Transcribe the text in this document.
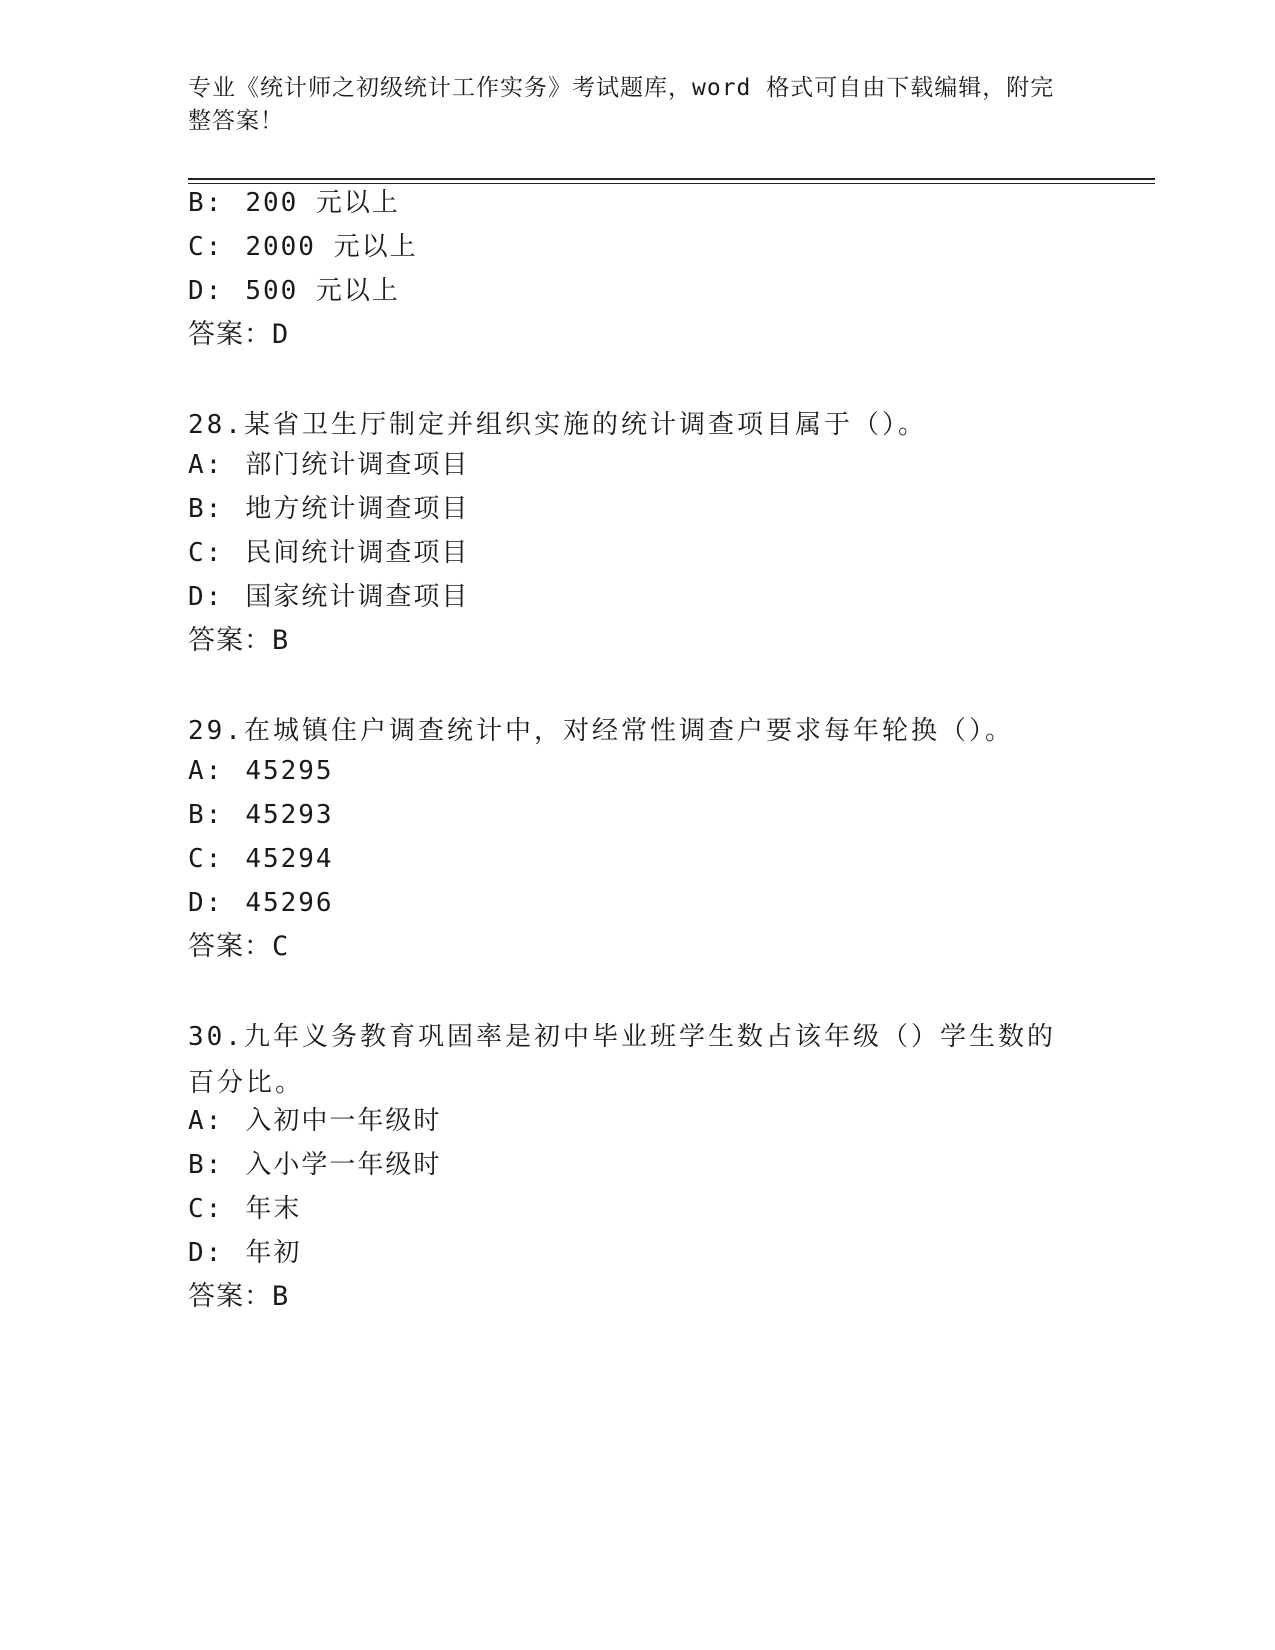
专业《统计师之初级统计工作实务》考试题库，word 格式可自由下载编辑，附完整答案！
B: 200 元以上
C: 2000 元以上
D: 500 元以上
答案：D
28.某省卫生厅制定并组织实施的统计调查项目属于（）。
A: 部门统计调查项目
B: 地方统计调查项目
C: 民间统计调查项目
D: 国家统计调查项目
答案：B
29.在城镇住户调查统计中，对经常性调查户要求每年轮换（）。
A: 45295
B: 45293
C: 45294
D: 45296
答案：C
30.九年义务教育巩固率是初中毕业班学生数占该年级（）学生数的百分比。
A: 入初中一年级时
B: 入小学一年级时
C: 年末
D: 年初
答案：B
